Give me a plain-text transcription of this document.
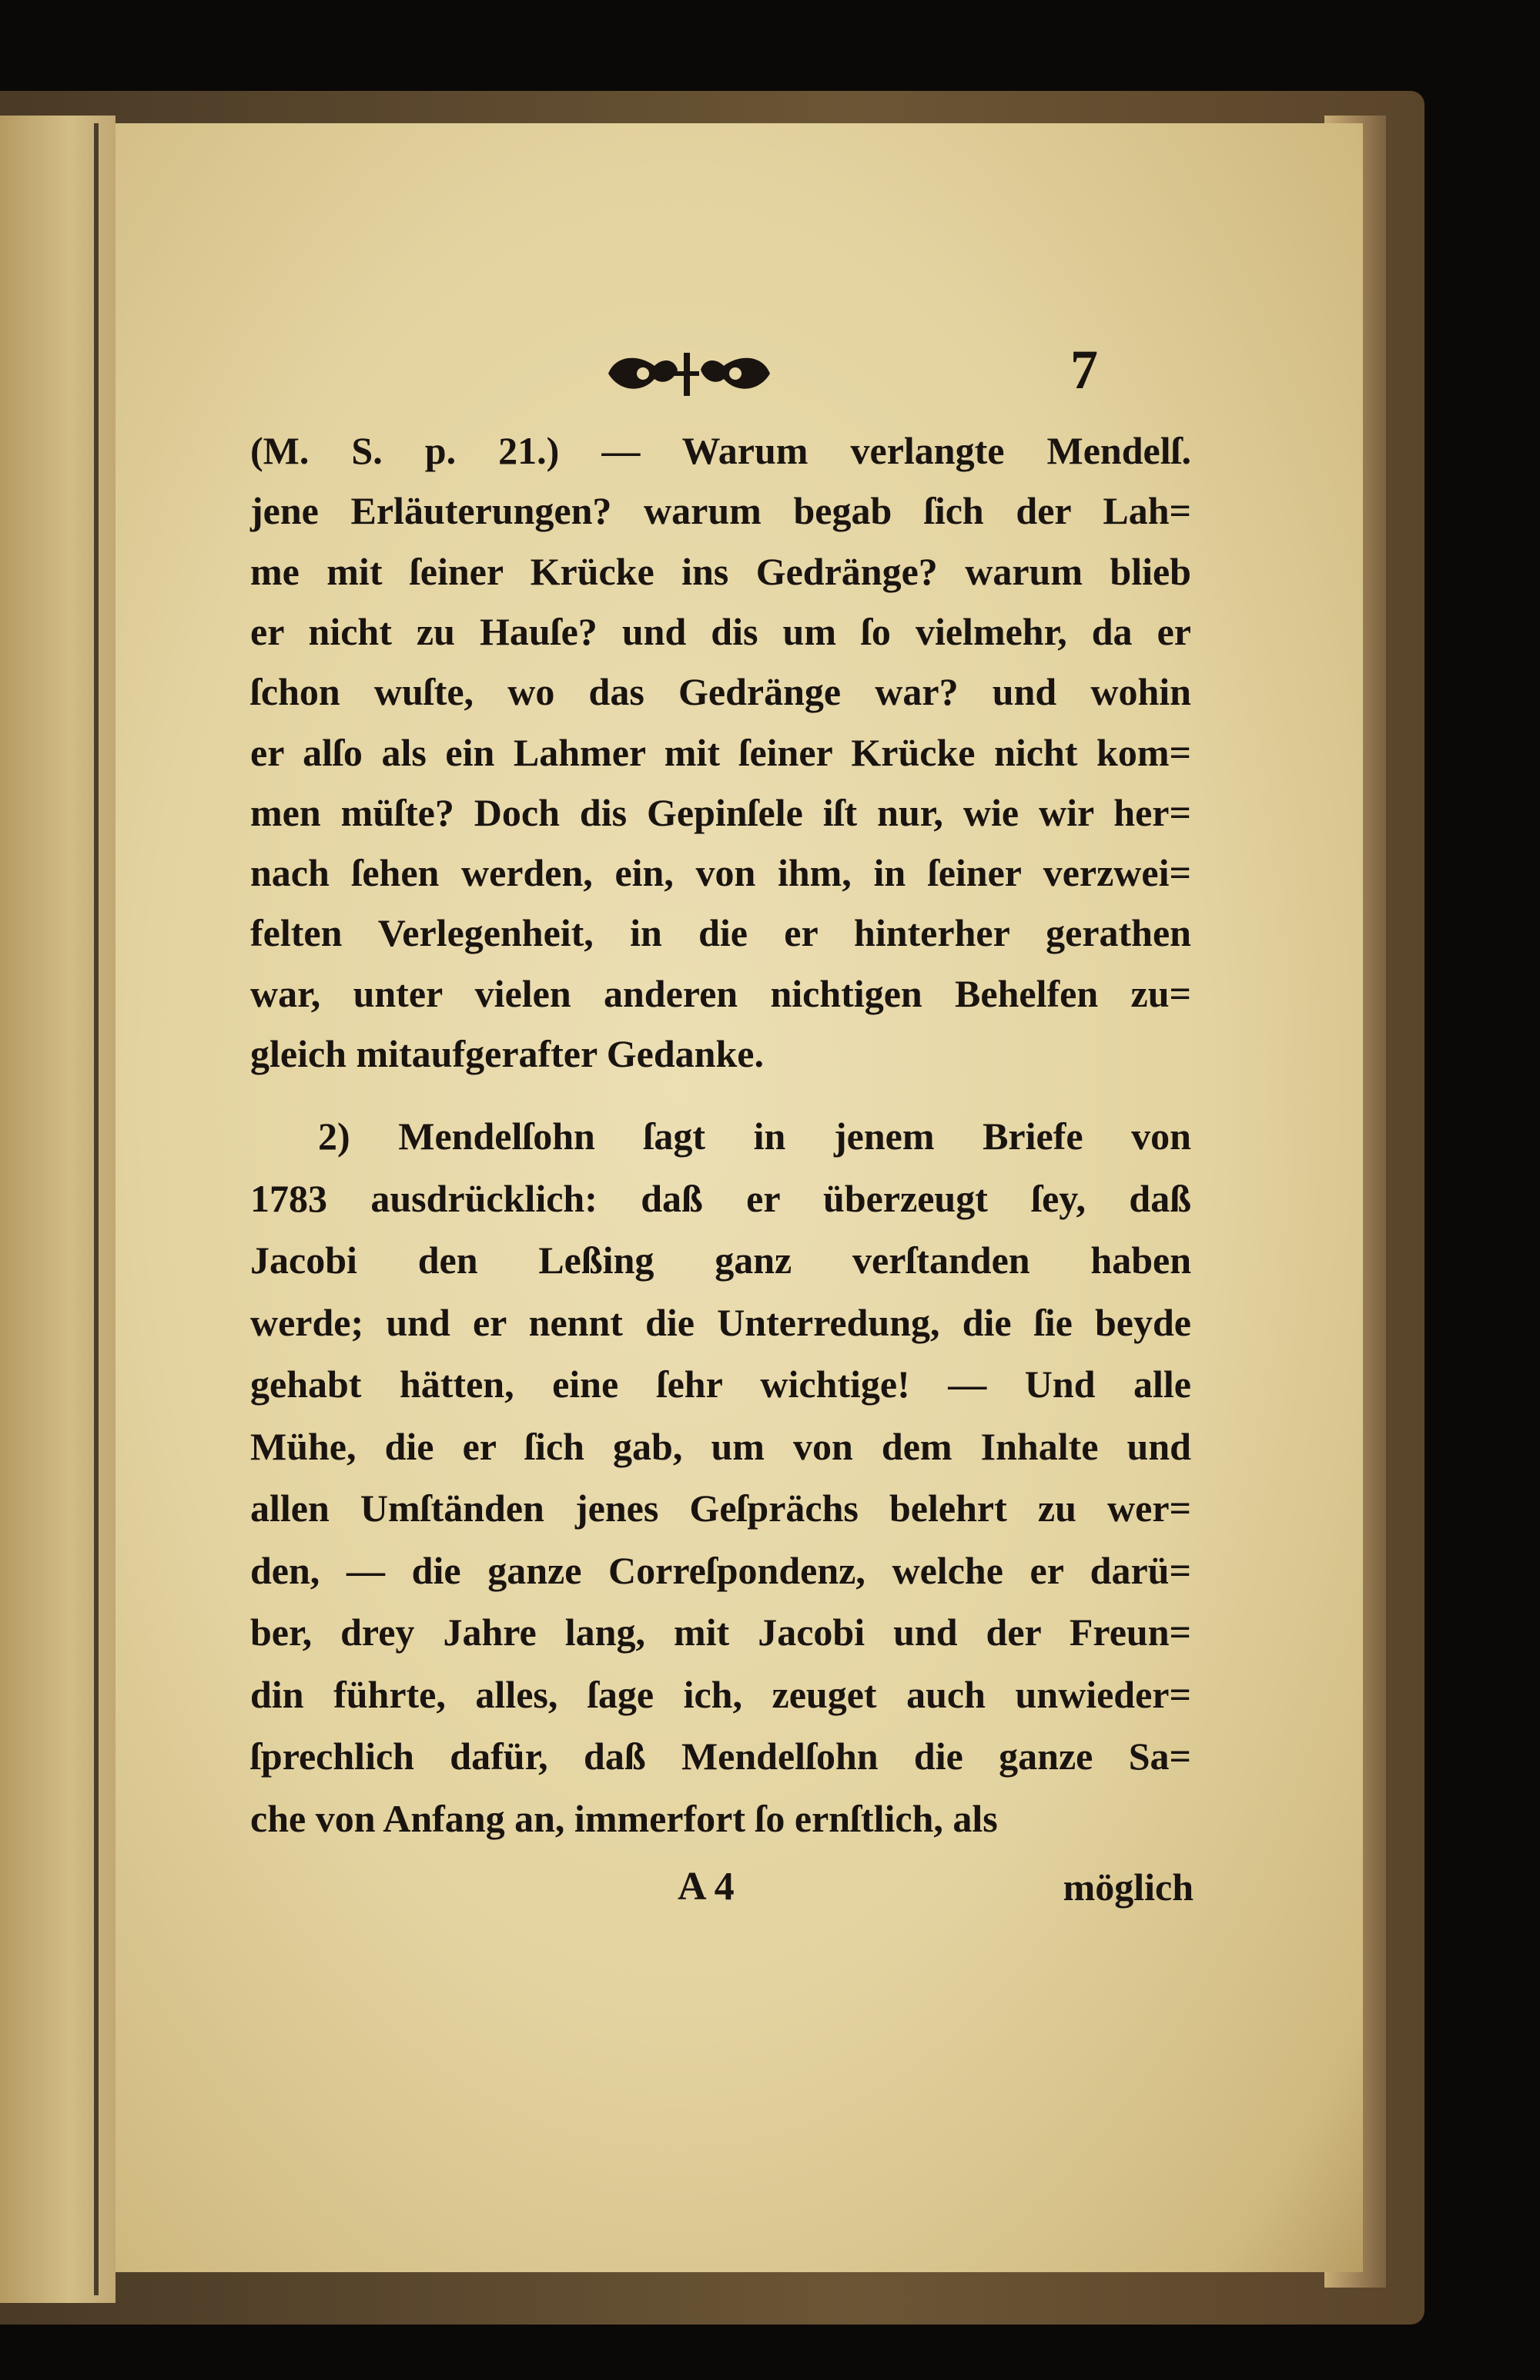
7
(M. S. p. 21.) — Warum verlangte Mendelſ.
jene Erläuterungen? warum begab ſich der Lah=
me mit ſeiner Krücke ins Gedränge? warum blieb
er nicht zu Hauſe? und dis um ſo vielmehr, da er
ſchon wuſte, wo das Gedränge war? und wohin
er alſo als ein Lahmer mit ſeiner Krücke nicht kom=
men müſte? Doch dis Gepinſele iſt nur, wie wir her=
nach ſehen werden, ein, von ihm, in ſeiner verzwei=
felten Verlegenheit, in die er hinterher gerathen
war, unter vielen anderen nichtigen Behelfen zu=
gleich mitaufgerafter Gedanke.
2) Mendelſohn ſagt in jenem Briefe von
1783 ausdrücklich: daß er überzeugt ſey, daß
Jacobi den Leßing ganz verſtanden haben
werde; und er nennt die Unterredung, die ſie beyde
gehabt hätten, eine ſehr wichtige! — Und alle
Mühe, die er ſich gab, um von dem Inhalte und
allen Umſtänden jenes Geſprächs belehrt zu wer=
den, — die ganze Correſpondenz, welche er darü=
ber, drey Jahre lang, mit Jacobi und der Freun=
din führte, alles, ſage ich, zeuget auch unwieder=
ſprechlich dafür, daß Mendelſohn die ganze Sa=
che von Anfang an, immerfort ſo ernſtlich, als
A 4	möglich
